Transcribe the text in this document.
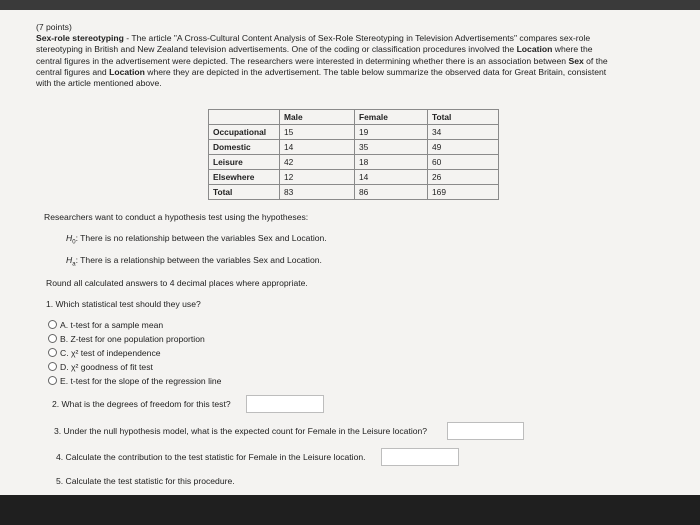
(7 points)
Sex-role stereotyping - The article "A Cross-Cultural Content Analysis of Sex-Role Stereotyping in Television Advertisements" compares sex-role
stereotyping in British and New Zealand television advertisements. One of the coding or classification procedures involved the Location where the
central figures in the advertisement were depicted. The researchers were interested in determining whether there is an association between Sex of the
central figures and Location where they are depicted in the advertisement. The table below summarize the observed data for Great Britain, consistent
with the article mentioned above.
	Male	Female	Total
Occupational	15	19	34
Domestic	14	35	49
Leisure	42	18	60
Elsewhere	12	14	26
Total	83	86	169
Researchers want to conduct a hypothesis test using the hypotheses:
$H_0$: There is no relationship between the variables Sex and Location.
$H_a$: There is a relationship between the variables Sex and Location.
Round all calculated answers to 4 decimal places where appropriate.
1. Which statistical test should they use?
A. t-test for a sample mean
B. Z-test for one population proportion
C. χ² test of independence
D. χ² goodness of fit test
E. t-test for the slope of the regression line
2. What is the degrees of freedom for this test?
3. Under the null hypothesis model, what is the expected count for Female in the Leisure location?
4. Calculate the contribution to the test statistic for Female in the Leisure location.
5. Calculate the test statistic for this procedure.
